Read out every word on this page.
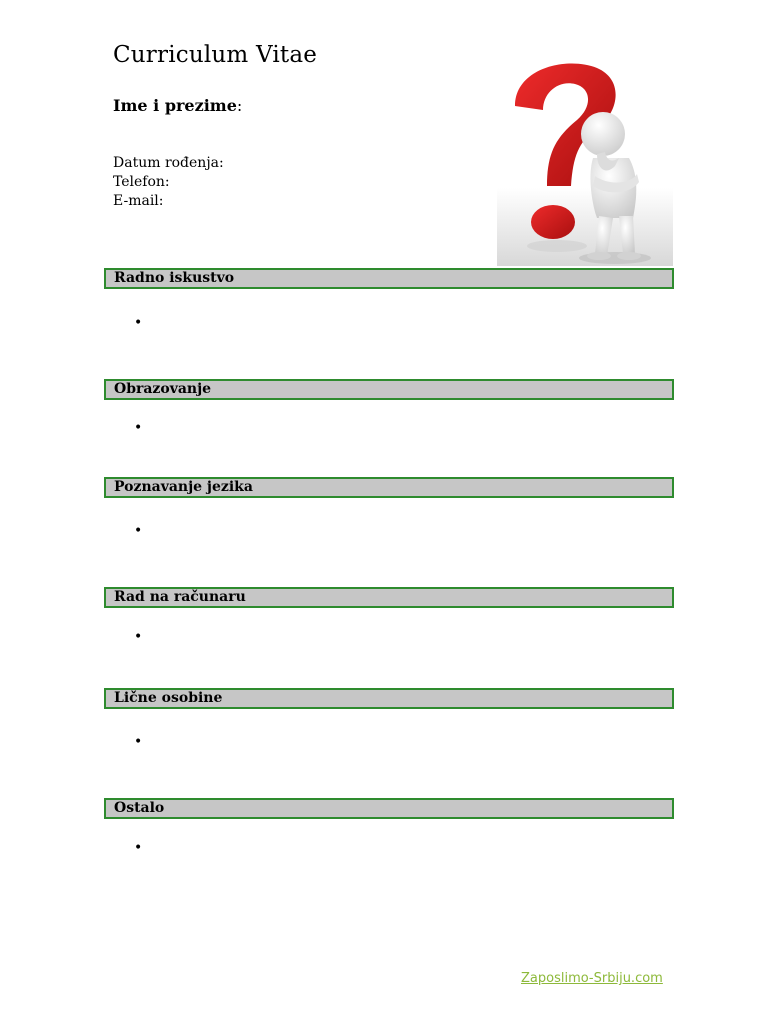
Curriculum Vitae
Ime i prezime:
Datum rođenja:
Telefon:
E-mail:
Radno iskustvo
•
Obrazovanje
•
Poznavanje jezika
•
Rad na računaru
•
Lične osobine
•
Ostalo
•
Zaposlimo-Srbiju.com
